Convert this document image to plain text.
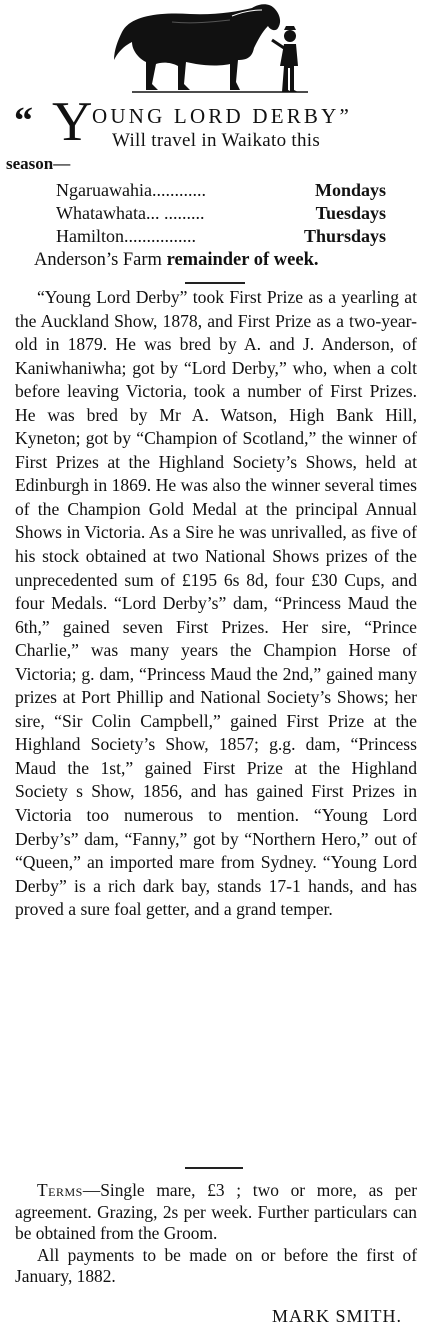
“ Y OUNG LORD DERBY”
Will travel in Waikato this
season—
Ngaruawahia............	Mondays
Whatawhata... .........	Tuesdays
Hamilton................	Thursdays
Anderson’s Farm remainder of week.

“Young Lord Derby” took First Prize as a yearling at the Auckland Show, 1878, and First Prize as a two-year-old in 1879. He was bred by A. and J. Anderson, of Kaniwhaniwha; got by “Lord Derby,” who, when a colt before leaving Victoria, took a number of First Prizes. He was bred by Mr A. Watson, High Bank Hill, Kyneton; got by “Champion of Scotland,” the winner of First Prizes at the Highland Society’s Shows, held at Edinburgh in 1869. He was also the winner several times of the Champion Gold Medal at the principal Annual Shows in Victoria. As a Sire he was unrivalled, as five of his stock obtained at two National Shows prizes of the unprecedented sum of £195 6s 8d, four £30 Cups, and four Medals. “Lord Derby’s” dam, “Princess Maud the 6th,” gained seven First Prizes. Her sire, “Prince Charlie,” was many years the Champion Horse of Victoria; g. dam, “Princess Maud the 2nd,” gained many prizes at Port Phillip and National Society’s Shows; her sire, “Sir Colin Campbell,” gained First Prize at the Highland Society’s Show, 1857; g.g. dam, “Princess Maud the 1st,” gained First Prize at the Highland Society s Show, 1856, and has gained First Prizes in Victoria too numerous to mention. “Young Lord Derby’s” dam, “Fanny,” got by “Northern Hero,” out of “Queen,” an imported mare from Sydney. “Young Lord Derby” is a rich dark bay, stands 17-1 hands, and has proved a sure foal getter, and a grand temper.

Terms—Single mare, £3 ; two or more, as per agreement. Grazing, 2s per week. Further particulars can be obtained from the Groom.

All payments to be made on or before the first of January, 1882.

MARK SMITH.
